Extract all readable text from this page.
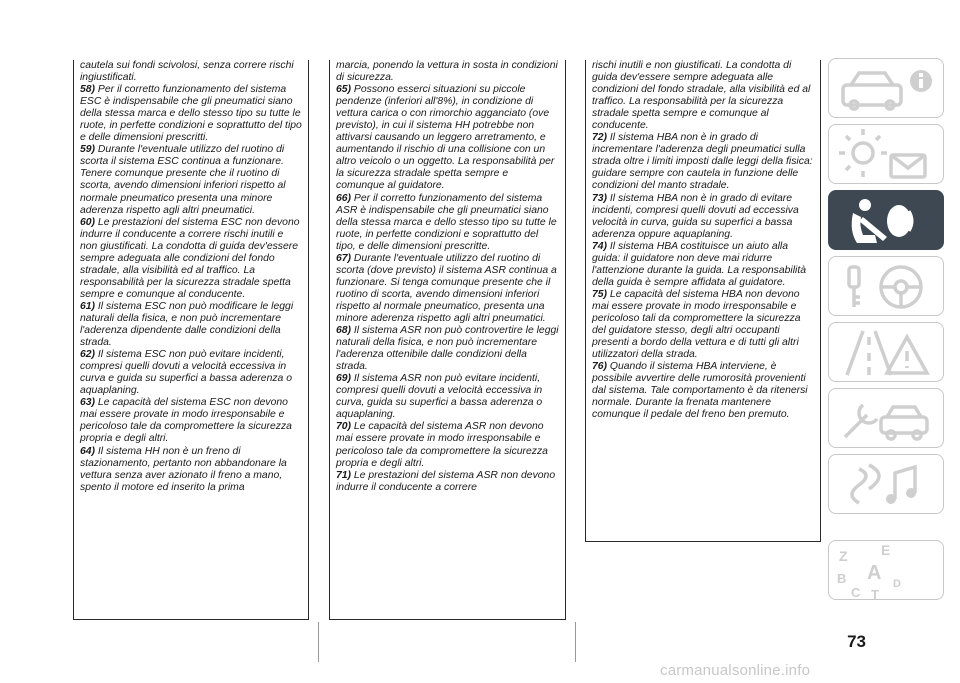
cautela sui fondi scivolosi, senza correre rischi ingiustificati.

58) Per il corretto funzionamento del sistema ESC è indispensabile che gli pneumatici siano della stessa marca e dello stesso tipo su tutte le ruote, in perfette condizioni e soprattutto del tipo e delle dimensioni prescritti.

59) Durante l'eventuale utilizzo del ruotino di scorta il sistema ESC continua a funzionare. Tenere comunque presente che il ruotino di scorta, avendo dimensioni inferiori rispetto al normale pneumatico presenta una minore aderenza rispetto agli altri pneumatici.

60) Le prestazioni del sistema ESC non devono indurre il conducente a correre rischi inutili e non giustificati. La condotta di guida dev'essere sempre adeguata alle condizioni del fondo stradale, alla visibilità ed al traffico. La responsabilità per la sicurezza stradale spetta sempre e comunque al conducente.

61) Il sistema ESC non può modificare le leggi naturali della fisica, e non può incrementare l'aderenza dipendente dalle condizioni della strada.

62) Il sistema ESC non può evitare incidenti, compresi quelli dovuti a velocità eccessiva in curva e guida su superfici a bassa aderenza o aquaplaning.

63) Le capacità del sistema ESC non devono mai essere provate in modo irresponsabile e pericoloso tale da compromettere la sicurezza propria e degli altri.

64) Il sistema HH non è un freno di stazionamento, pertanto non abbandonare la vettura senza aver azionato il freno a mano, spento il motore ed inserito la prima

marcia, ponendo la vettura in sosta in condizioni di sicurezza.

65) Possono esserci situazioni su piccole pendenze (inferiori all'8%), in condizione di vettura carica o con rimorchio agganciato (ove previsto), in cui il sistema HH potrebbe non attivarsi causando un leggero arretramento, e aumentando il rischio di una collisione con un altro veicolo o un oggetto. La responsabilità per la sicurezza stradale spetta sempre e comunque al guidatore.

66) Per il corretto funzionamento del sistema ASR è indispensabile che gli pneumatici siano della stessa marca e dello stesso tipo su tutte le ruote, in perfette condizioni e soprattutto del tipo, e delle dimensioni prescritte.

67) Durante l'eventuale utilizzo del ruotino di scorta (dove previsto) il sistema ASR continua a funzionare. Si tenga comunque presente che il ruotino di scorta, avendo dimensioni inferiori rispetto al normale pneumatico, presenta una minore aderenza rispetto agli altri pneumatici.

68) Il sistema ASR non può controvertire le leggi naturali della fisica, e non può incrementare l'aderenza ottenibile dalle condizioni della strada.

69) Il sistema ASR non può evitare incidenti, compresi quelli dovuti a velocità eccessiva in curva, guida su superfici a bassa aderenza o aquaplaning.

70) Le capacità del sistema ASR non devono mai essere provate in modo irresponsabile e pericoloso tale da compromettere la sicurezza propria e degli altri.

71) Le prestazioni del sistema ASR non devono indurre il conducente a correre

rischi inutili e non giustificati. La condotta di guida dev'essere sempre adeguata alle condizioni del fondo stradale, alla visibilità ed al traffico. La responsabilità per la sicurezza stradale spetta sempre e comunque al conducente.

72) Il sistema HBA non è in grado di incrementare l'aderenza degli pneumatici sulla strada oltre i limiti imposti dalle leggi della fisica: guidare sempre con cautela in funzione delle condizioni del manto stradale.

73) Il sistema HBA non è in grado di evitare incidenti, compresi quelli dovuti ad eccessiva velocità in curva, guida su superfici a bassa aderenza oppure aquaplaning.

74) Il sistema HBA costituisce un aiuto alla guida: il guidatore non deve mai ridurre l'attenzione durante la guida. La responsabilità della guida è sempre affidata al guidatore.

75) Le capacità del sistema HBA non devono mai essere provate in modo irresponsabile e pericoloso tali da compromettere la sicurezza del guidatore stesso, degli altri occupanti presenti a bordo della vettura e di tutti gli altri utilizzatori della strada.

76) Quando il sistema HBA interviene, è possibile avvertire delle rumorosità provenienti dal sistema. Tale comportamento è da ritenersi normale. Durante la frenata mantenere comunque il pedale del freno ben premuto.

Z E
B A
C T
D
73
carmanualsonline.info
